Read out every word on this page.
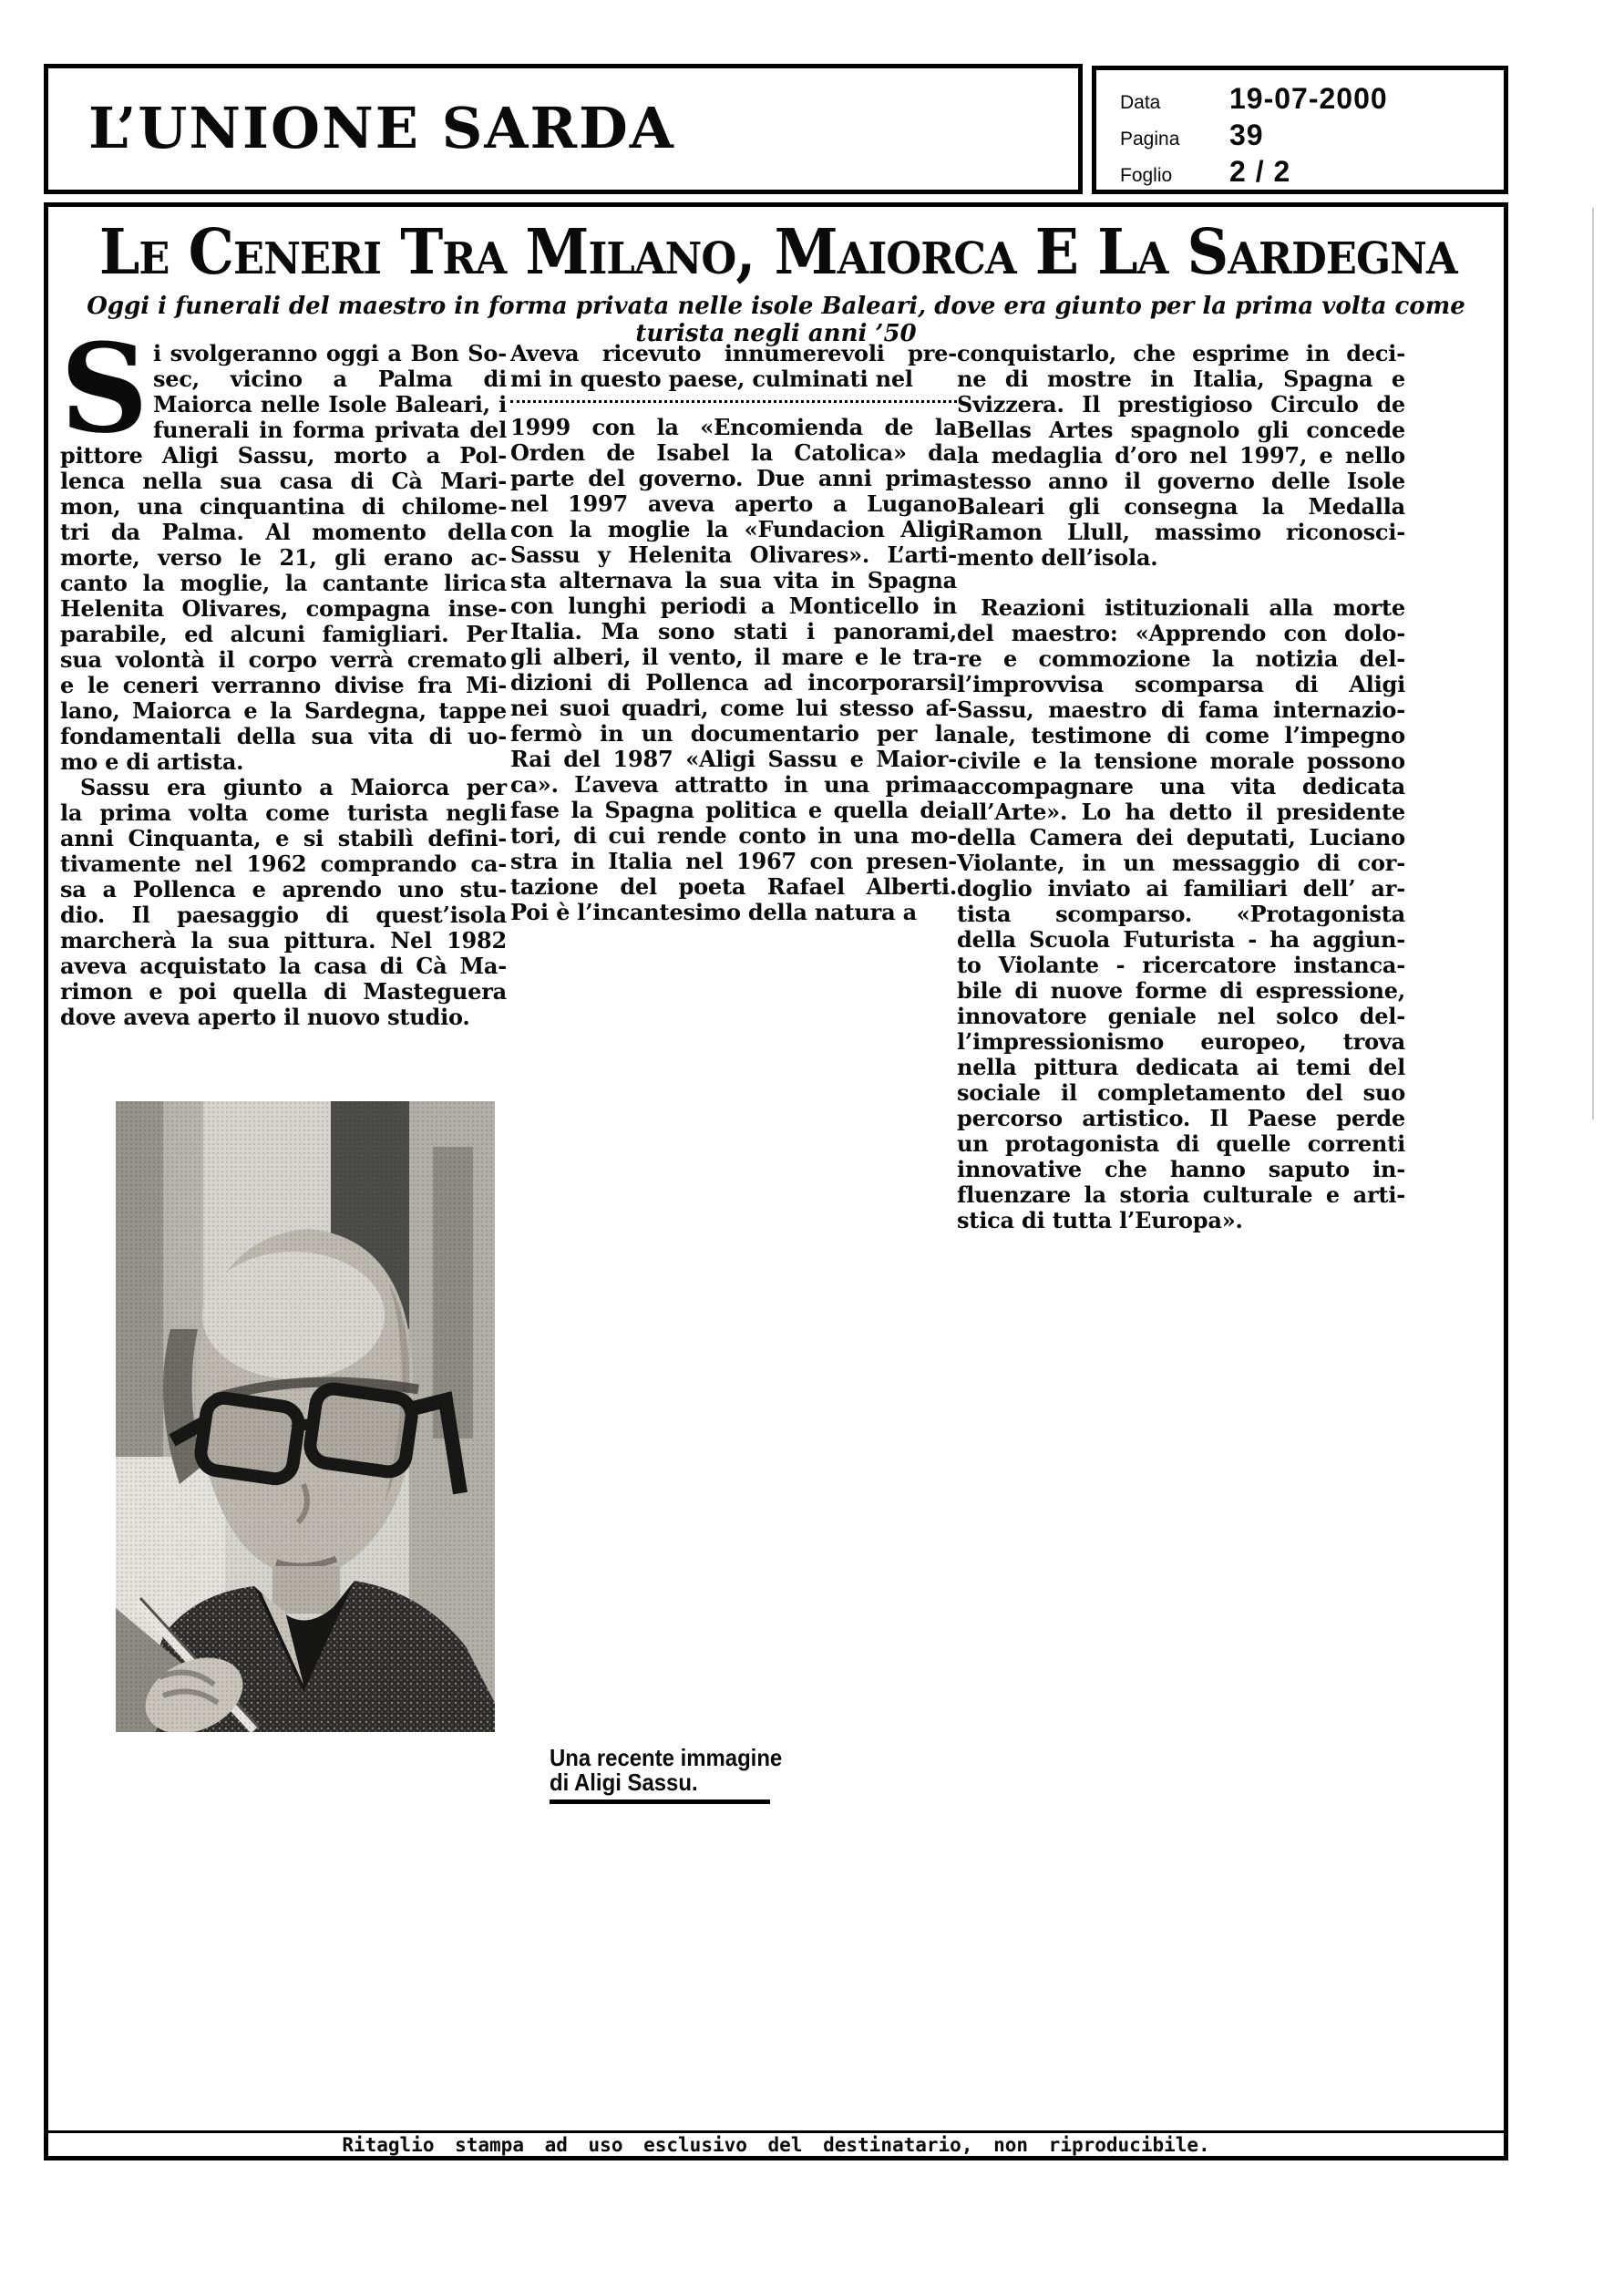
L’UNIONE SARDA	Data	19-07-2000
Pagina	39
Foglio	2 / 2
Le Ceneri Tra Milano, Maiorca E La Sardegna
Oggi i funerali del maestro in forma privata nelle isole Baleari, dove era giunto per la prima volta come turista negli anni ’50
S i svolgeranno oggi a Bon So-
sec, vicino a Palma di
Maiorca nelle Isole Baleari, i
funerali in forma privata del
pittore Aligi Sassu, morto a Pol-
lenca nella sua casa di Cà Mari-
mon, una cinquantina di chilome-
tri da Palma. Al momento della
morte, verso le 21, gli erano ac-
canto la moglie, la cantante lirica
Helenita Olivares, compagna inse-
parabile, ed alcuni famigliari. Per
sua volontà il corpo verrà cremato
e le ceneri verranno divise fra Mi-
lano, Maiorca e la Sardegna, tappe
fondamentali della sua vita di uo-
mo e di artista.
Sassu era giunto a Maiorca per
la prima volta come turista negli
anni Cinquanta, e si stabilì defini-
tivamente nel 1962 comprando ca-
sa a Pollenca e aprendo uno stu-
dio. Il paesaggio di quest’isola
marcherà la sua pittura. Nel 1982
aveva acquistato la casa di Cà Ma-
rimon e poi quella di Masteguera
dove aveva aperto il nuovo studio.
Aveva ricevuto innumerevoli pre-
mi in questo paese, culminati nel
1999 con la «Encomienda de la
Orden de Isabel la Catolica» da
parte del governo. Due anni prima
nel 1997 aveva aperto a Lugano
con la moglie la «Fundacion Aligi
Sassu y Helenita Olivares». L’arti-
sta alternava la sua vita in Spagna
con lunghi periodi a Monticello in
Italia. Ma sono stati i panorami,
gli alberi, il vento, il mare e le tra-
dizioni di Pollenca ad incorporarsi
nei suoi quadri, come lui stesso af-
fermò in un documentario per la
Rai del 1987 «Aligi Sassu e Maior-
ca». L’aveva attratto in una prima
fase la Spagna politica e quella dei
tori, di cui rende conto in una mo-
stra in Italia nel 1967 con presen-
tazione del poeta Rafael Alberti.
Poi è l’incantesimo della natura a
conquistarlo, che esprime in deci-
ne di mostre in Italia, Spagna e
Svizzera. Il prestigioso Circulo de
Bellas Artes spagnolo gli concede
la medaglia d’oro nel 1997, e nello
stesso anno il governo delle Isole
Baleari gli consegna la Medalla
Ramon Llull, massimo riconosci-
mento dell’isola.
Reazioni istituzionali alla morte
del maestro: «Apprendo con dolo-
re e commozione la notizia del-
l’improvvisa scomparsa di Aligi
Sassu, maestro di fama internazio-
nale, testimone di come l’impegno
civile e la tensione morale possono
accompagnare una vita dedicata
all’Arte». Lo ha detto il presidente
della Camera dei deputati, Luciano
Violante, in un messaggio di cor-
doglio inviato ai familiari dell’ ar-
tista scomparso. «Protagonista
della Scuola Futurista - ha aggiun-
to Violante - ricercatore instanca-
bile di nuove forme di espressione,
innovatore geniale nel solco del-
l’impressionismo europeo, trova
nella pittura dedicata ai temi del
sociale il completamento del suo
percorso artistico. Il Paese perde
un protagonista di quelle correnti
innovative che hanno saputo in-
fluenzare la storia culturale e arti-
stica di tutta l’Europa».
Una recente immagine
di Aligi Sassu.
Ritaglio stampa ad uso esclusivo del destinatario, non riproducibile.
